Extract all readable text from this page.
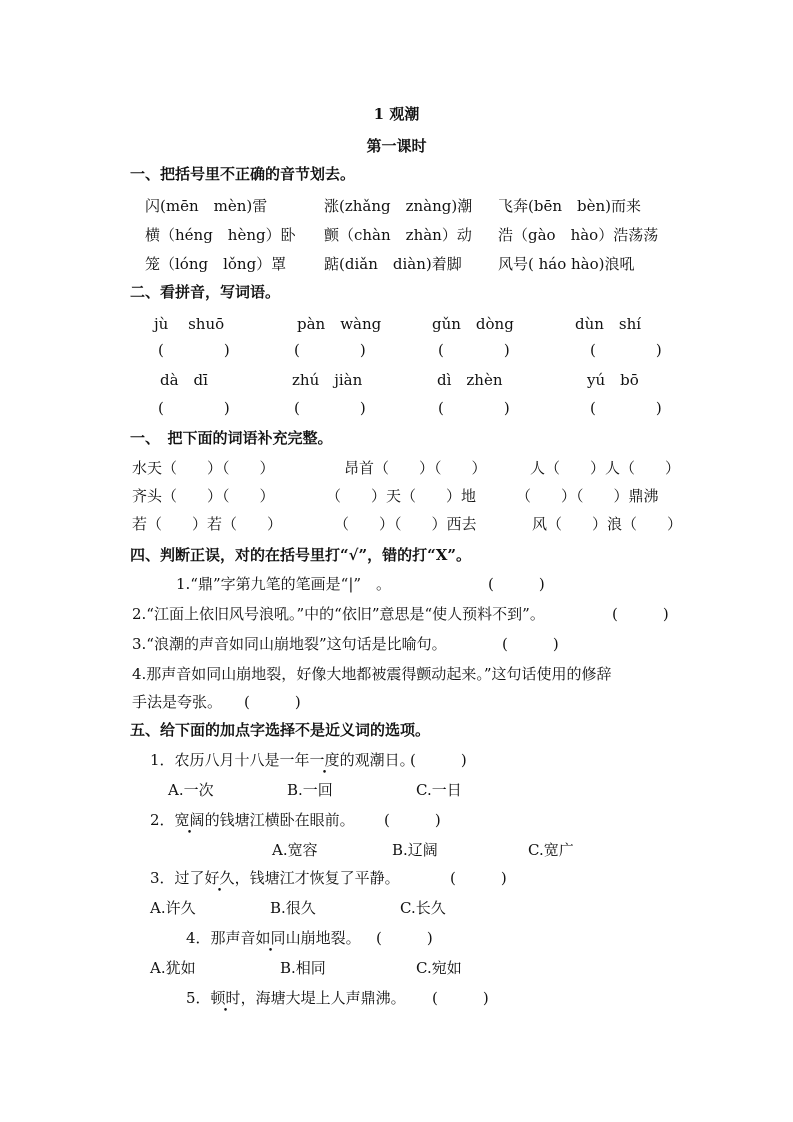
1 观潮
第一课时
一、把括号里不正确的音节划去。
闪(mēn　mèn)雷	涨(zhǎng　znàng)潮 飞奔(bēn　bèn)而来
横（héng　hèng）卧 颤（chàn　zhàn）动 浩（gào　hào）浩荡荡
笼（lóng　lǒng）罩	踮(diǎn　diàn)着脚 风号( háo hào)浪吼
二、看拼音，写词语。
jù　 shuō	pàn　wàng	gǔn　dòng	dùn　shí
(　　　　)	(　　　　)	(　　　　)	(　　　　)
dà　dī	zhú　jiàn	dì　zhèn	yú　bō
(　　　　)	(　　　　)	(　　　　)	(　　　　)
一、　把下面的词语补充完整。
水天（　　）（　　）	昂首（　　）（　　）	人（　　）人（　　）
齐头（　　）（　　）	（　　）天（　　）地	（　　）（　　）鼎沸
若（　　）若（　　）	（　　）（　　）西去	风（　　）浪（　　）
四、判断正误，对的在括号里打“√”，错的打“X”。
1.“鼎”字第九笔的笔画是“|”　。	(　　　)
2.“江面上依旧风号浪吼。”中的“依旧”意思是“使人预料不到”。	(　　　)
3.“浪潮的声音如同山崩地裂”这句话是比喻句。	(　　　)
4.那声音如同山崩地裂，好像大地都被震得颤动起来。”这句话使用的修辞
手法是夸张。 (　　　)
五、给下面的加点字选择不是近义词的选项。
1．农历八月十八是一年一度的观潮日。
(　　　)
A.一次	B.一回	C.一日
2．宽阔的钱塘江横卧在眼前。 (　　　)
A.宽容	B.辽阔	C.宽广
3．过了好久，钱塘江才恢复了平静。	(　　　)
A.许久	B.很久	C.长久
4．那声音如同山崩地裂。 (　　　)
A.犹如	B.相同	C.宛如
5．顿时，海塘大堤上人声鼎沸。 (　　　)
